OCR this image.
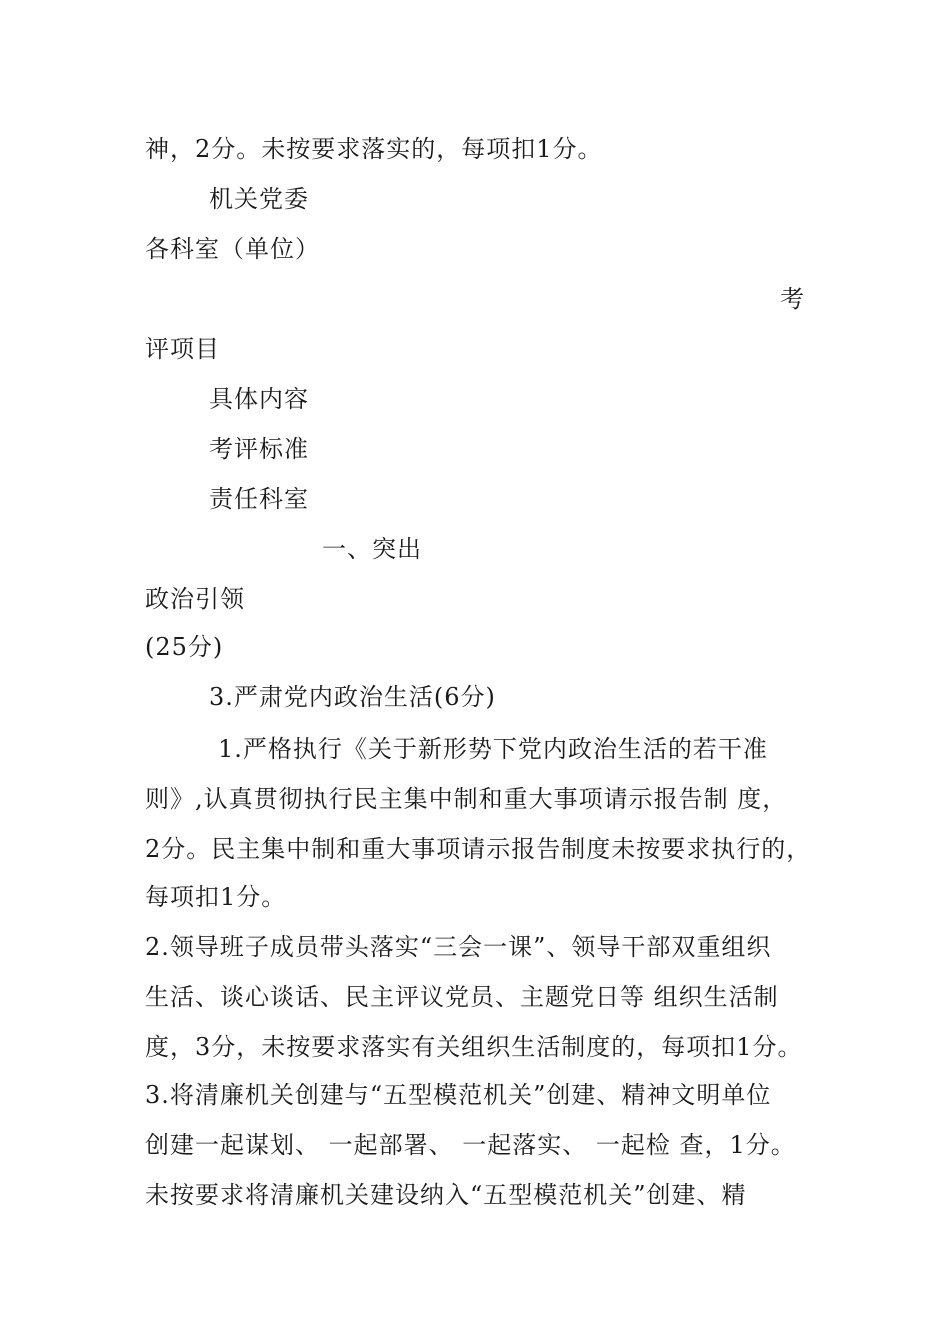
神，2分。未按要求落实的，每项扣1分。
机关党委
各科室（单位）
考
评项目
具体内容
考评标准
责任科室
一、突出
政治引领
(25分)
3.严肃党内政治生活(6分)
1.严格执行《关于新形势下党内政治生活的若干准
则》,认真贯彻执行民主集中制和重大事项请示报告制 度，
2分。民主集中制和重大事项请示报告制度未按要求执行的，
每项扣1分。
2.领导班子成员带头落实“三会一课”、领导干部双重组织
生活、谈心谈话、民主评议党员、主题党日等 组织生活制
度，3分，未按要求落实有关组织生活制度的，每项扣1分。
3.将清廉机关创建与“五型模范机关”创建、精神文明单位
创建一起谋划、 一起部署、 一起落实、 一起检 查，1分。
未按要求将清廉机关建设纳入“五型模范机关”创建、精
